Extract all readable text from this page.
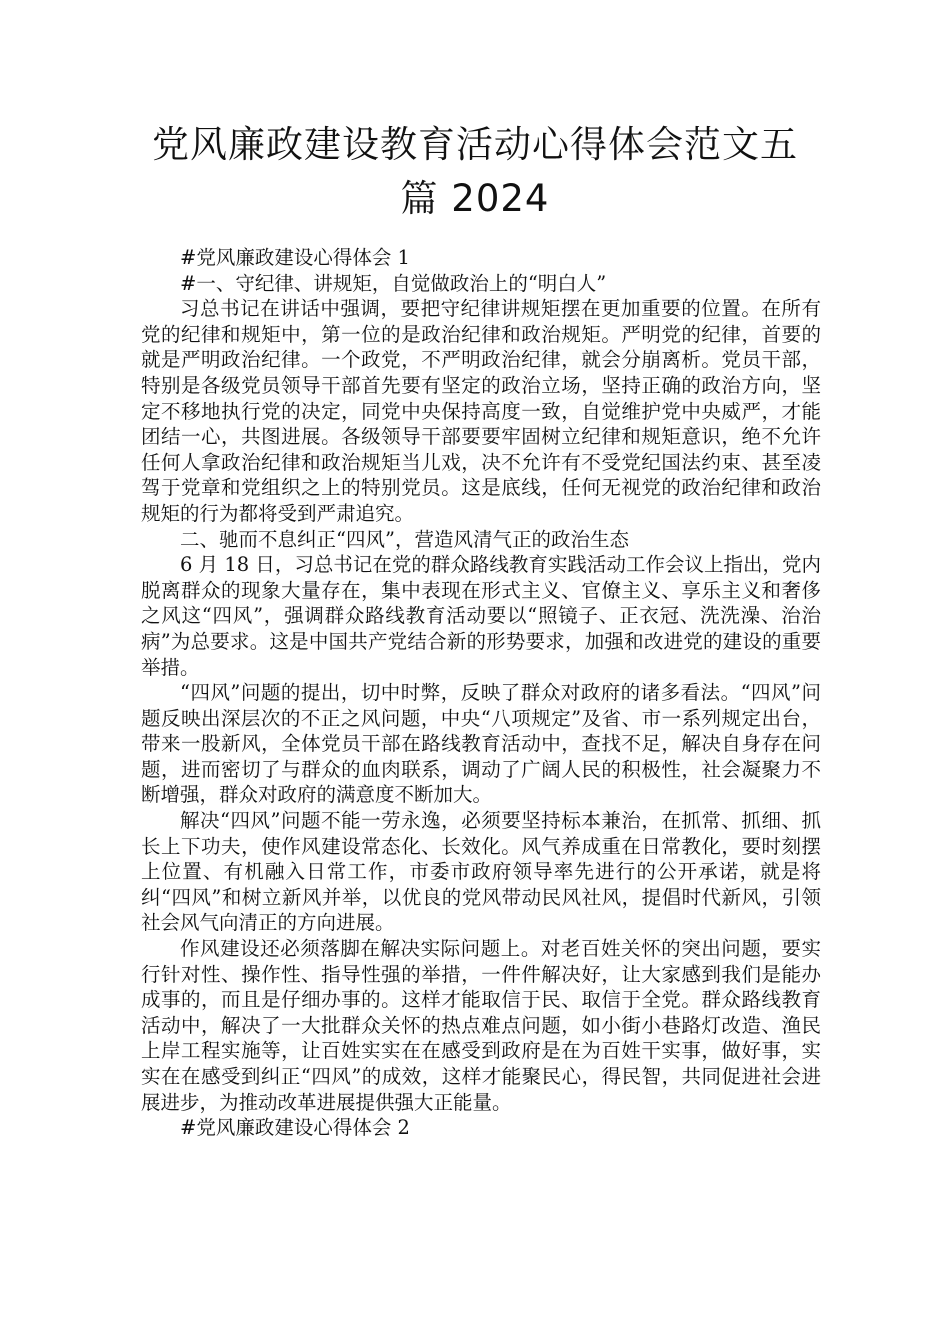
党风廉政建设教育活动心得体会范文五
篇 2024

#党风廉政建设心得体会 1

#一、守纪律、讲规矩，自觉做政治上的“明白人”

习总书记在讲话中强调，要把守纪律讲规矩摆在更加重要的位置。在所有党的纪律和规矩中，第一位的是政治纪律和政治规矩。严明党的纪律，首要的就是严明政治纪律。一个政党，不严明政治纪律，就会分崩离析。党员干部，特别是各级党员领导干部首先要有坚定的政治立场，坚持正确的政治方向，坚定不移地执行党的决定，同党中央保持高度一致，自觉维护党中央威严，才能团结一心，共图进展。各级领导干部要要牢固树立纪律和规矩意识，绝不允许任何人拿政治纪律和政治规矩当儿戏，决不允许有不受党纪国法约束、甚至凌驾于党章和党组织之上的特别党员。这是底线，任何无视党的政治纪律和政治规矩的行为都将受到严肃追究。

二、驰而不息纠正“四风”，营造风清气正的政治生态

6 月 18 日，习总书记在党的群众路线教育实践活动工作会议上指出，党内脱离群众的现象大量存在，集中表现在形式主义、官僚主义、享乐主义和奢侈之风这“四风”，强调群众路线教育活动要以“照镜子、正衣冠、洗洗澡、治治病”为总要求。这是中国共产党结合新的形势要求，加强和改进党的建设的重要举措。

“四风”问题的提出，切中时弊，反映了群众对政府的诸多看法。“四风”问题反映出深层次的不正之风问题，中央“八项规定”及省、市一系列规定出台，带来一股新风，全体党员干部在路线教育活动中，查找不足，解决自身存在问题，进而密切了与群众的血肉联系，调动了广阔人民的积极性，社会凝聚力不断增强，群众对政府的满意度不断加大。

解决“四风”问题不能一劳永逸，必须要坚持标本兼治，在抓常、抓细、抓长上下功夫，使作风建设常态化、长效化。风气养成重在日常教化，要时刻摆上位置、有机融入日常工作，市委市政府领导率先进行的公开承诺，就是将纠“四风”和树立新风并举，以优良的党风带动民风社风，提倡时代新风，引领社会风气向清正的方向进展。

作风建设还必须落脚在解决实际问题上。对老百姓关怀的突出问题，要实行针对性、操作性、指导性强的举措，一件件解决好，让大家感到我们是能办成事的，而且是仔细办事的。这样才能取信于民、取信于全党。群众路线教育活动中，解决了一大批群众关怀的热点难点问题，如小街小巷路灯改造、渔民上岸工程实施等，让百姓实实在在感受到政府是在为百姓干实事，做好事，实实在在感受到纠正“四风”的成效，这样才能聚民心，得民智，共同促进社会进展进步，为推动改革进展提供强大正能量。

#党风廉政建设心得体会 2
